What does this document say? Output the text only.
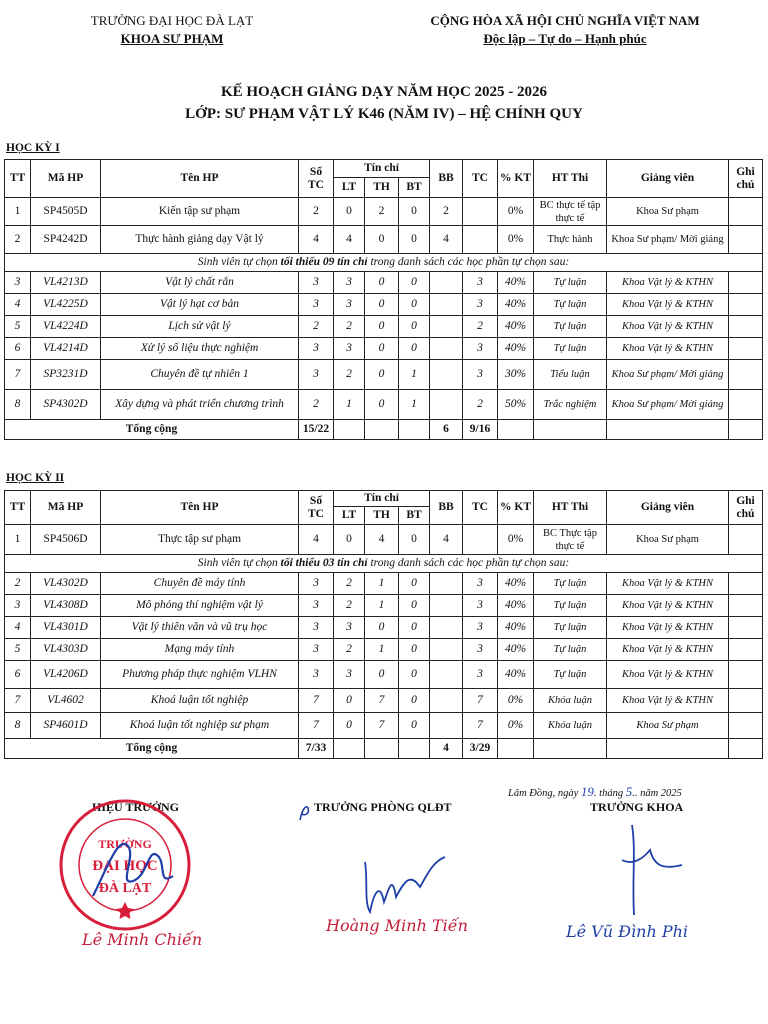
TRƯỜNG ĐẠI HỌC ĐÀ LẠT
KHOA SƯ PHẠM
CỘNG HÒA XÃ HỘI CHỦ NGHĨA VIỆT NAM
Độc lập – Tự do – Hạnh phúc
KẾ HOẠCH GIẢNG DẠY NĂM HỌC 2025 - 2026
LỚP: SƯ PHẠM VẬT LÝ K46 (NĂM IV) – HỆ CHÍNH QUY
HỌC KỲ I
TT	Mã HP	Tên HP	Số TC	Tín chỉ			BB	TC	% KT	HT Thi	Giảng viên	Ghi chú
				LT	TH	BT						
1	SP4505D	Kiến tập sư phạm	2	0	2	0	2		0%	BC thực tế tập thực tế	Khoa Sư phạm	
2	SP4242D	Thực hành giảng dạy Vật lý	4	4	0	0	4		0%	Thực hành	Khoa Sư phạm/ Mời giảng	
Sinh viên tự chọn tối thiểu 09 tín chỉ trong danh sách các học phần tự chọn sau:												
3	VL4213D	Vật lý chất rắn	3	3	0	0		3	40%	Tự luận	Khoa Vật lý & KTHN	
4	VL4225D	Vật lý hạt cơ bản	3	3	0	0		3	40%	Tự luận	Khoa Vật lý & KTHN	
5	VL4224D	Lịch sử vật lý	2	2	0	0		2	40%	Tự luận	Khoa Vật lý & KTHN	
6	VL4214D	Xử lý số liệu thực nghiệm	3	3	0	0		3	40%	Tự luận	Khoa Vật lý & KTHN	
7	SP3231D	Chuyên đề tự nhiên 1	3	2	0	1		3	30%	Tiểu luận	Khoa Sư phạm/ Mời giảng	
8	SP4302D	Xây dựng và phát triển chương trình	2	1	0	1		2	50%	Trắc nghiệm	Khoa Sư phạm/ Mời giảng	
Tổng cộng			15/22				6	9/16				
HỌC KỲ II
TT	Mã HP	Tên HP	Số TC	Tín chỉ			BB	TC	% KT	HT Thi	Giảng viên	Ghi chú
				LT	TH	BT						
1	SP4506D	Thực tập sư phạm	4	0	4	0	4		0%	BC Thực tập thực tế	Khoa Sư phạm	
Sinh viên tự chọn tối thiểu 03 tín chỉ trong danh sách các học phần tự chọn sau:												
2	VL4302D	Chuyên đề máy tính	3	2	1	0		3	40%	Tự luận	Khoa Vật lý & KTHN	
3	VL4308D	Mô phỏng thí nghiệm vật lý	3	2	1	0		3	40%	Tự luận	Khoa Vật lý & KTHN	
4	VL4301D	Vật lý thiên văn và vũ trụ học	3	3	0	0		3	40%	Tự luận	Khoa Vật lý & KTHN	
5	VL4303D	Mạng máy tính	3	2	1	0		3	40%	Tự luận	Khoa Vật lý & KTHN	
6	VL4206D	Phương pháp thực nghiệm VLHN	3	3	0	0		3	40%	Tự luận	Khoa Vật lý & KTHN	
7	VL4602	Khoá luận tốt nghiệp	7	0	7	0		7	0%	Khóa luận	Khoa Vật lý & KTHN	
8	SP4601D	Khoá luận tốt nghiệp sư phạm	7	0	7	0		7	0%	Khóa luận	Khoa Sư phạm	
Tổng cộng			7/33				4	3/29				
Lâm Đồng, ngày 19. tháng 5.. năm 2025
HIỆU TRƯỞNG	TRƯỞNG PHÒNG QLĐT	TRƯỞNG KHOA
TRƯỜNG
ĐẠI HỌC
ĐÀ LẠT
Lê Minh Chiến
Hoàng Minh Tiến	Lê Vũ Đình Phi
